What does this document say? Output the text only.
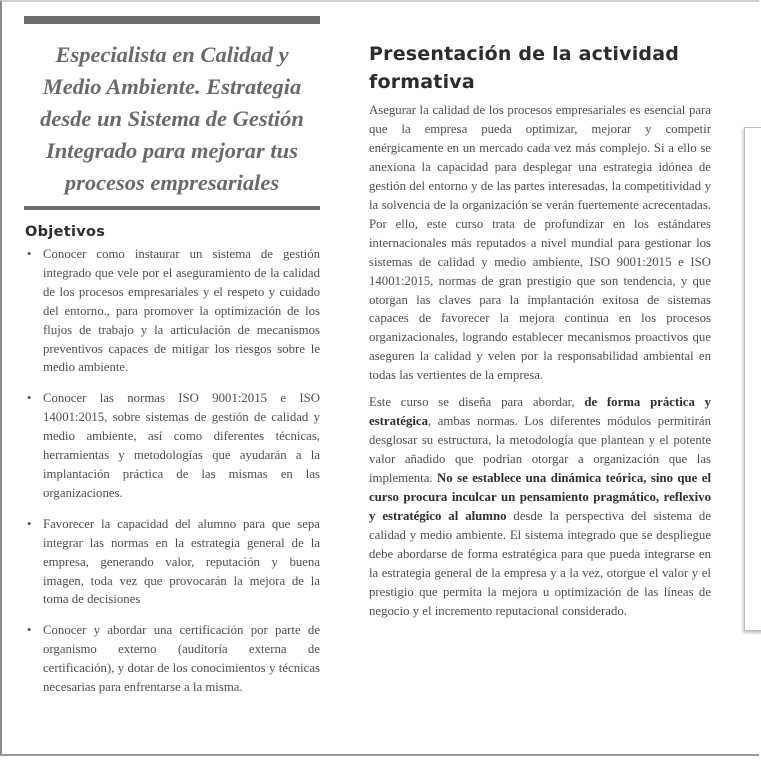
Especialista en Calidad y Medio Ambiente. Estrategia desde un Sistema de Gestión Integrado para mejorar tus procesos empresariales
Objetivos
• Conocer como instaurar un sistema de gestión integrado que vele por el aseguramiento de la calidad de los procesos empresariales y el respeto y cuidado del entorno., para promover la optimización de los flujos de trabajo y la articulación de mecanismos preventivos capaces de mitigar los riesgos sobre le medio ambiente.
• Conocer las normas ISO 9001:2015 e ISO 14001:2015, sobre sistemas de gestión de calidad y medio ambiente, así como diferentes técnicas, herramientas y metodologías que ayudarán a la implantación práctica de las mismas en las organizaciones.
• Favorecer la capacidad del alumno para que sepa integrar las normas en la estrategia general de la empresa, generando valor, reputación y buena imagen, toda vez que provocarán la mejora de la toma de decisiones
• Conocer y abordar una certificación por parte de organismo externo (auditoría externa de certificación), y dotar de los conocimientos y técnicas necesarias para enfrentarse a la misma.
Presentación de la actividad formativa

Asegurar la calidad de los procesos empresariales es esencial para que la empresa pueda optimizar, mejorar y competir enérgicamente en un mercado cada vez más complejo. Si a ello se anexiona la capacidad para desplegar una estrategia idónea de gestión del entorno y de las partes interesadas, la competitividad y la solvencia de la organización se verán fuertemente acrecentadas. Por ello, este curso trata de profundizar en los estándares internacionales más reputados a nivel mundial para gestionar los sistemas de calidad y medio ambiente, ISO 9001:2015 e ISO 14001:2015, normas de gran prestigio que son tendencia, y que otorgan las claves para la implantación exitosa de sistemas capaces de favorecer la mejora continua en los procesos organizacionales, logrando establecer mecanismos proactivos que aseguren la calidad y velen por la responsabilidad ambiental en todas las vertientes de la empresa.

Este curso se diseña para abordar, de forma práctica y estratégica, ambas normas. Los diferentes módulos permitirán desglosar su estructura, la metodología que plantean y el potente valor añadido que podrían otorgar a organización que las implementa. No se establece una dinámica teórica, sino que el curso procura inculcar un pensamiento pragmático, reflexivo y estratégico al alumno desde la perspectiva del sistema de calidad y medio ambiente. El sistema integrado que se despliegue debe abordarse de forma estratégica para que pueda integrarse en la estrategia general de la empresa y a la vez, otorgue el valor y el prestigio que permita la mejora u optimización de las líneas de negocio y el incremento reputacional considerado.
